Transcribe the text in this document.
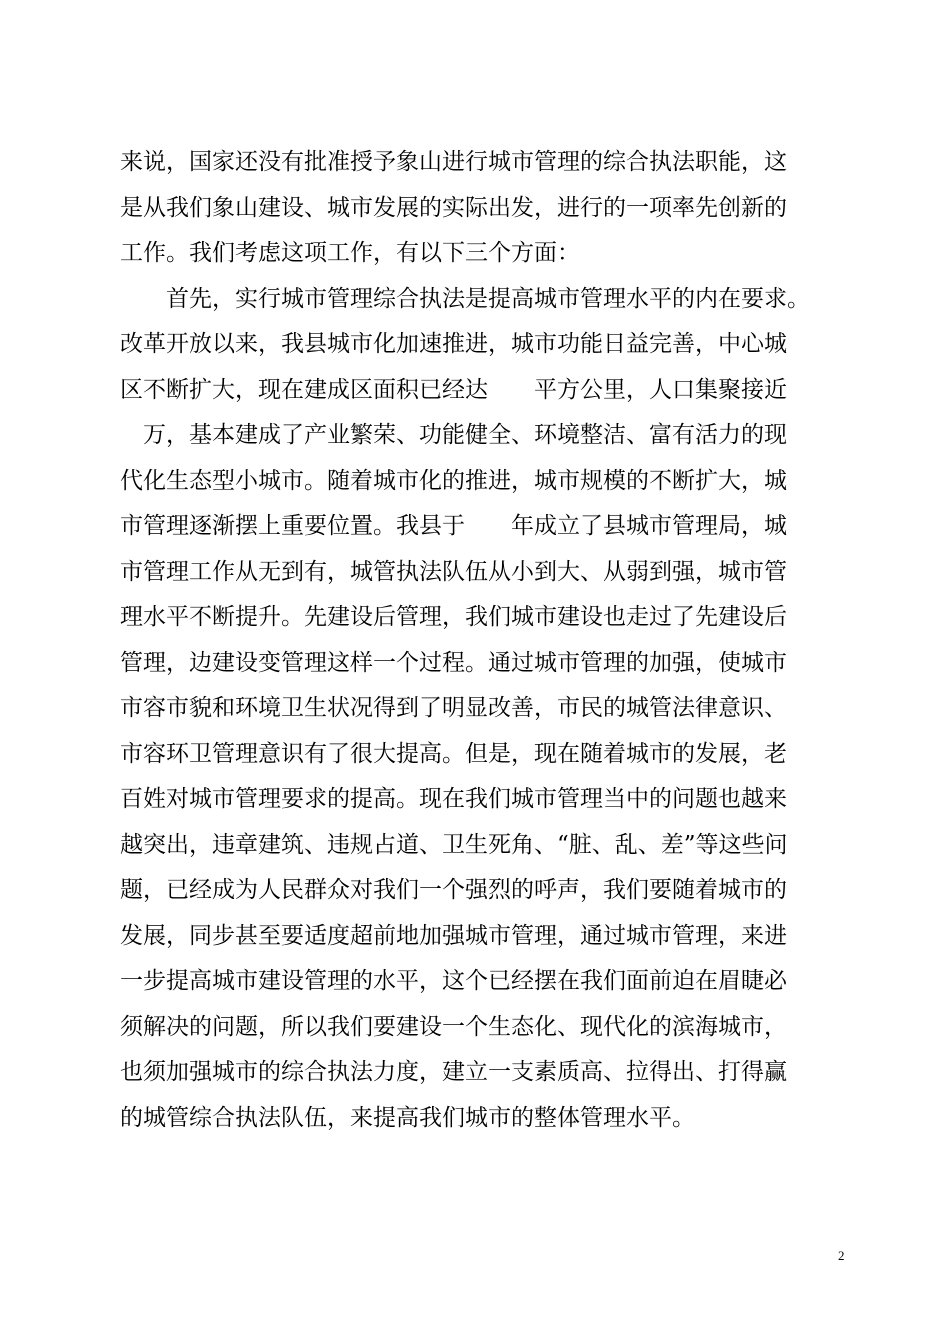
来说，国家还没有批准授予象山进行城市管理的综合执法职能，这
是从我们象山建设、城市发展的实际出发，进行的一项率先创新的
工作。我们考虑这项工作，有以下三个方面：
　　首先，实行城市管理综合执法是提高城市管理水平的内在要求。
改革开放以来，我县城市化加速推进，城市功能日益完善，中心城
区不断扩大，现在建成区面积已经达　　平方公里，人口集聚接近
　万，基本建成了产业繁荣、功能健全、环境整洁、富有活力的现
代化生态型小城市。随着城市化的推进，城市规模的不断扩大，城
市管理逐渐摆上重要位置。我县于　　年成立了县城市管理局，城
市管理工作从无到有，城管执法队伍从小到大、从弱到强，城市管
理水平不断提升。先建设后管理，我们城市建设也走过了先建设后
管理，边建设变管理这样一个过程。通过城市管理的加强，使城市
市容市貌和环境卫生状况得到了明显改善，市民的城管法律意识、
市容环卫管理意识有了很大提高。但是，现在随着城市的发展，老
百姓对城市管理要求的提高。现在我们城市管理当中的问题也越来
越突出，违章建筑、违规占道、卫生死角、“脏、乱、差”等这些问
题，已经成为人民群众对我们一个强烈的呼声，我们要随着城市的
发展，同步甚至要适度超前地加强城市管理，通过城市管理，来进
一步提高城市建设管理的水平，这个已经摆在我们面前迫在眉睫必
须解决的问题，所以我们要建设一个生态化、现代化的滨海城市，
也须加强城市的综合执法力度，建立一支素质高、拉得出、打得赢
的城管综合执法队伍，来提高我们城市的整体管理水平。
2
